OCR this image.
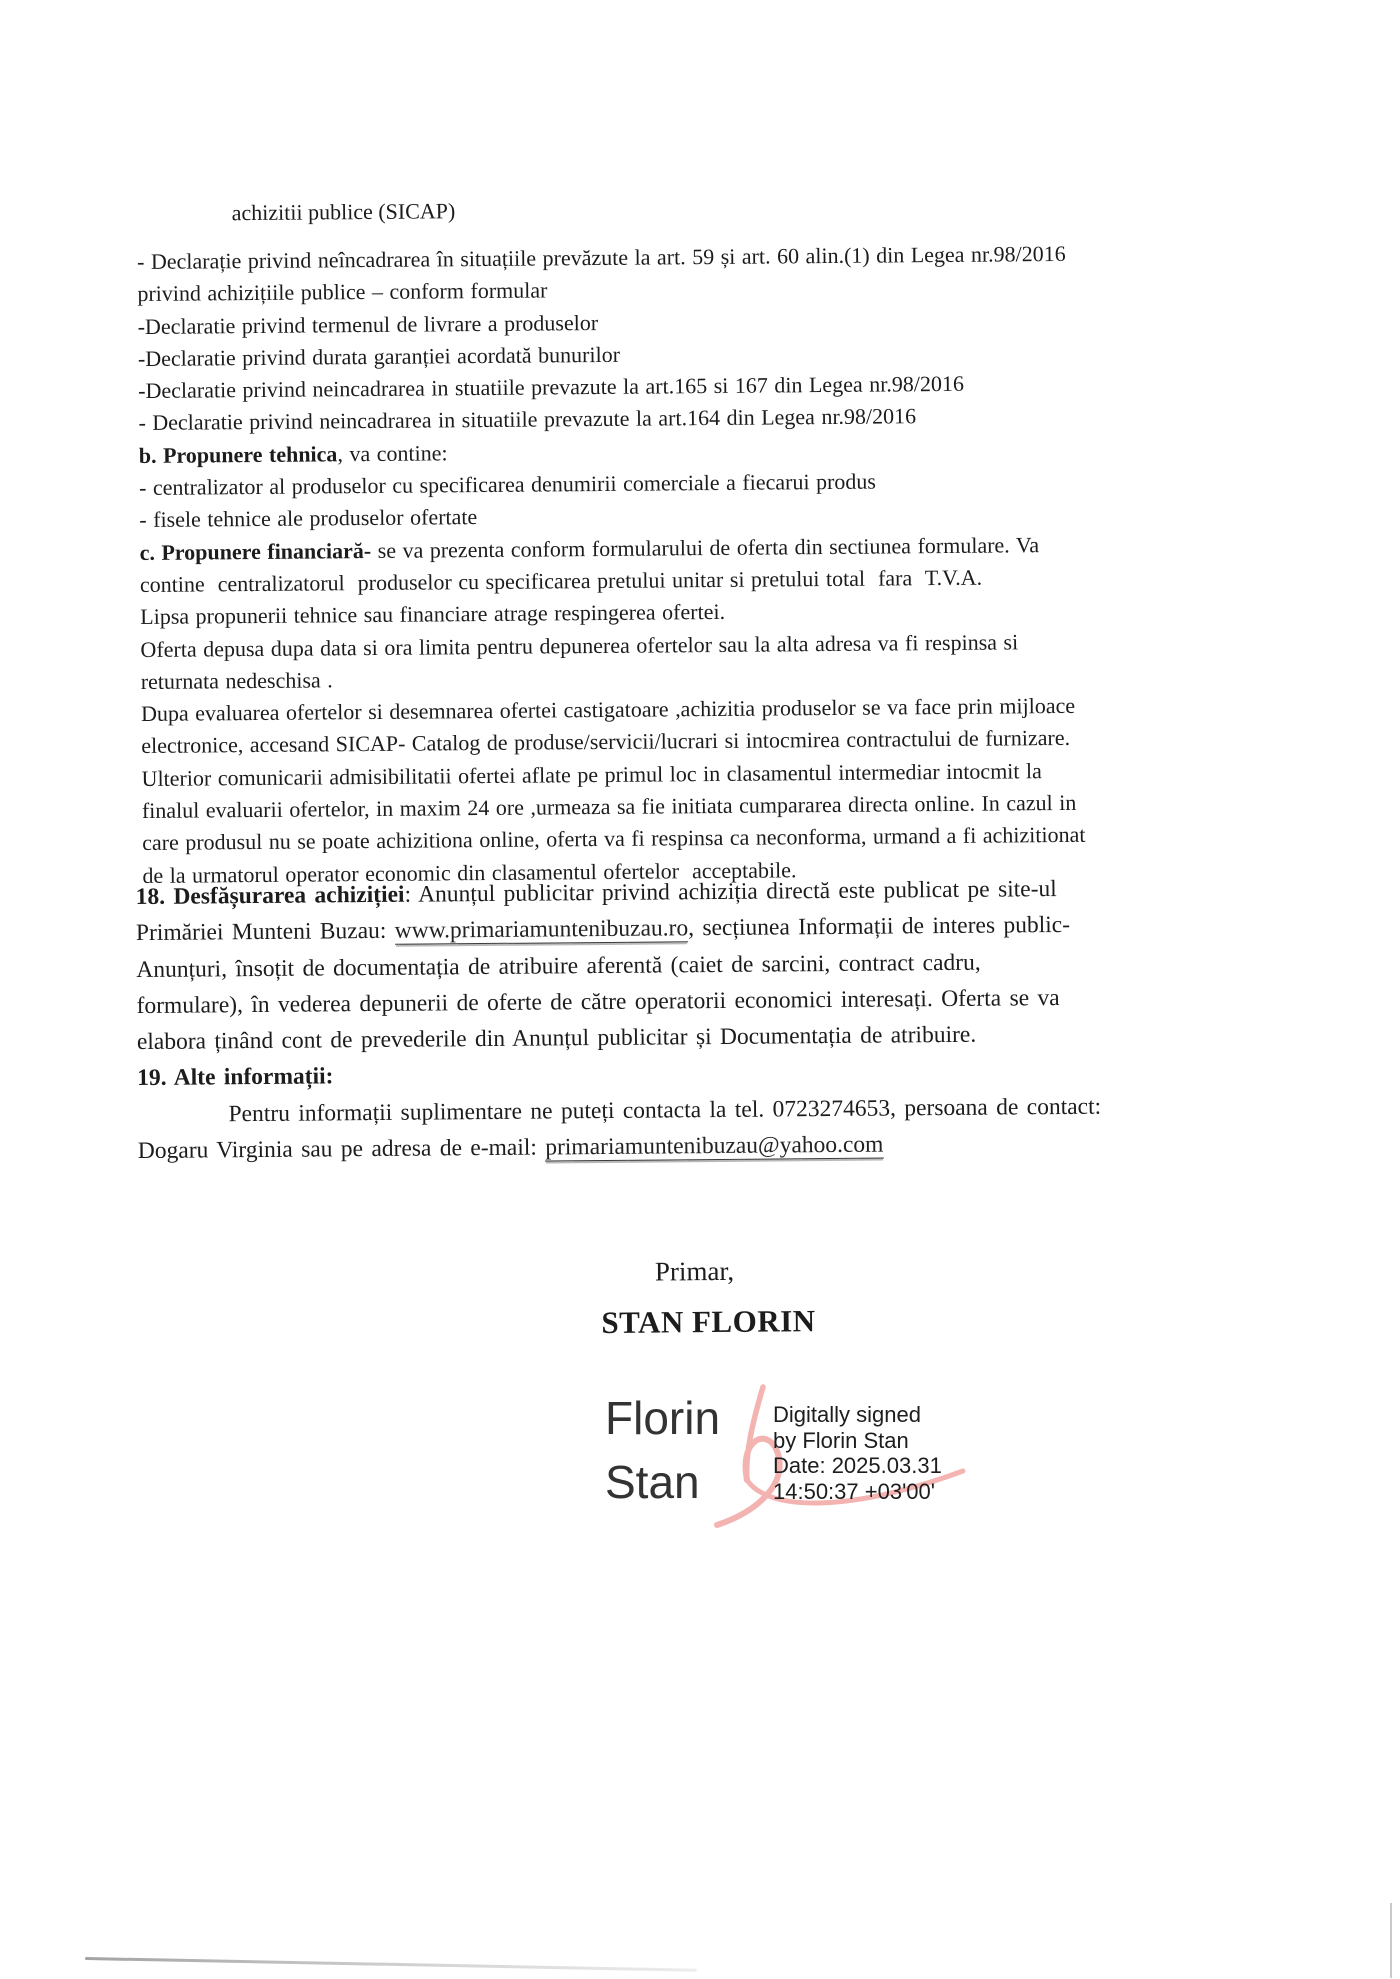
achizitii publice (SICAP)
- Declarație privind neîncadrarea în situațiile prevăzute la art. 59 și art. 60 alin.(1) din Legea nr.98/2016
privind achizițiile publice – conform formular
-Declaratie privind termenul de livrare a produselor
-Declaratie privind durata garanției acordată bunurilor
-Declaratie privind neincadrarea in stuatiile prevazute la art.165 si 167 din Legea nr.98/2016
- Declaratie privind neincadrarea in situatiile prevazute la art.164 din Legea nr.98/2016
b. Propunere tehnica, va contine:
- centralizator al produselor cu specificarea denumirii comerciale a fiecarui produs
- fisele tehnice ale produselor ofertate
c. Propunere financiară- se va prezenta conform formularului de oferta din sectiunea formulare. Va
contine  centralizatorul  produselor cu specificarea pretului unitar si pretului total  fara  T.V.A.
Lipsa propunerii tehnice sau financiare atrage respingerea ofertei.
Oferta depusa dupa data si ora limita pentru depunerea ofertelor sau la alta adresa va fi respinsa si
returnata nedeschisa .
Dupa evaluarea ofertelor si desemnarea ofertei castigatoare ,achizitia produselor se va face prin mijloace
electronice, accesand SICAP- Catalog de produse/servicii/lucrari si intocmirea contractului de furnizare.
Ulterior comunicarii admisibilitatii ofertei aflate pe primul loc in clasamentul intermediar intocmit la
finalul evaluarii ofertelor, in maxim 24 ore ,urmeaza sa fie initiata cumpararea directa online. In cazul in
care produsul nu se poate achizitiona online, oferta va fi respinsa ca neconforma, urmand a fi achizitionat
de la urmatorul operator economic din clasamentul ofertelor  acceptabile.
18. Desfășurarea achiziției: Anunțul publicitar privind achiziția directă este publicat pe site-ul
Primăriei Munteni Buzau: www.primariamuntenibuzau.ro, secțiunea Informații de interes public-
Anunțuri, însoțit de documentația de atribuire aferentă (caiet de sarcini, contract cadru,
formulare), în vederea depunerii de oferte de către operatorii economici interesați. Oferta se va
elabora ținând cont de prevederile din Anunțul publicitar și Documentația de atribuire.
19. Alte informații:
Pentru informații suplimentare ne puteți contacta la tel. 0723274653, persoana de contact:
Dogaru Virginia sau pe adresa de e-mail: primariamuntenibuzau@yahoo.com
Primar,
STAN FLORIN
Florin
Stan
Digitally signed
by Florin Stan
Date: 2025.03.31
14:50:37 +03'00'
